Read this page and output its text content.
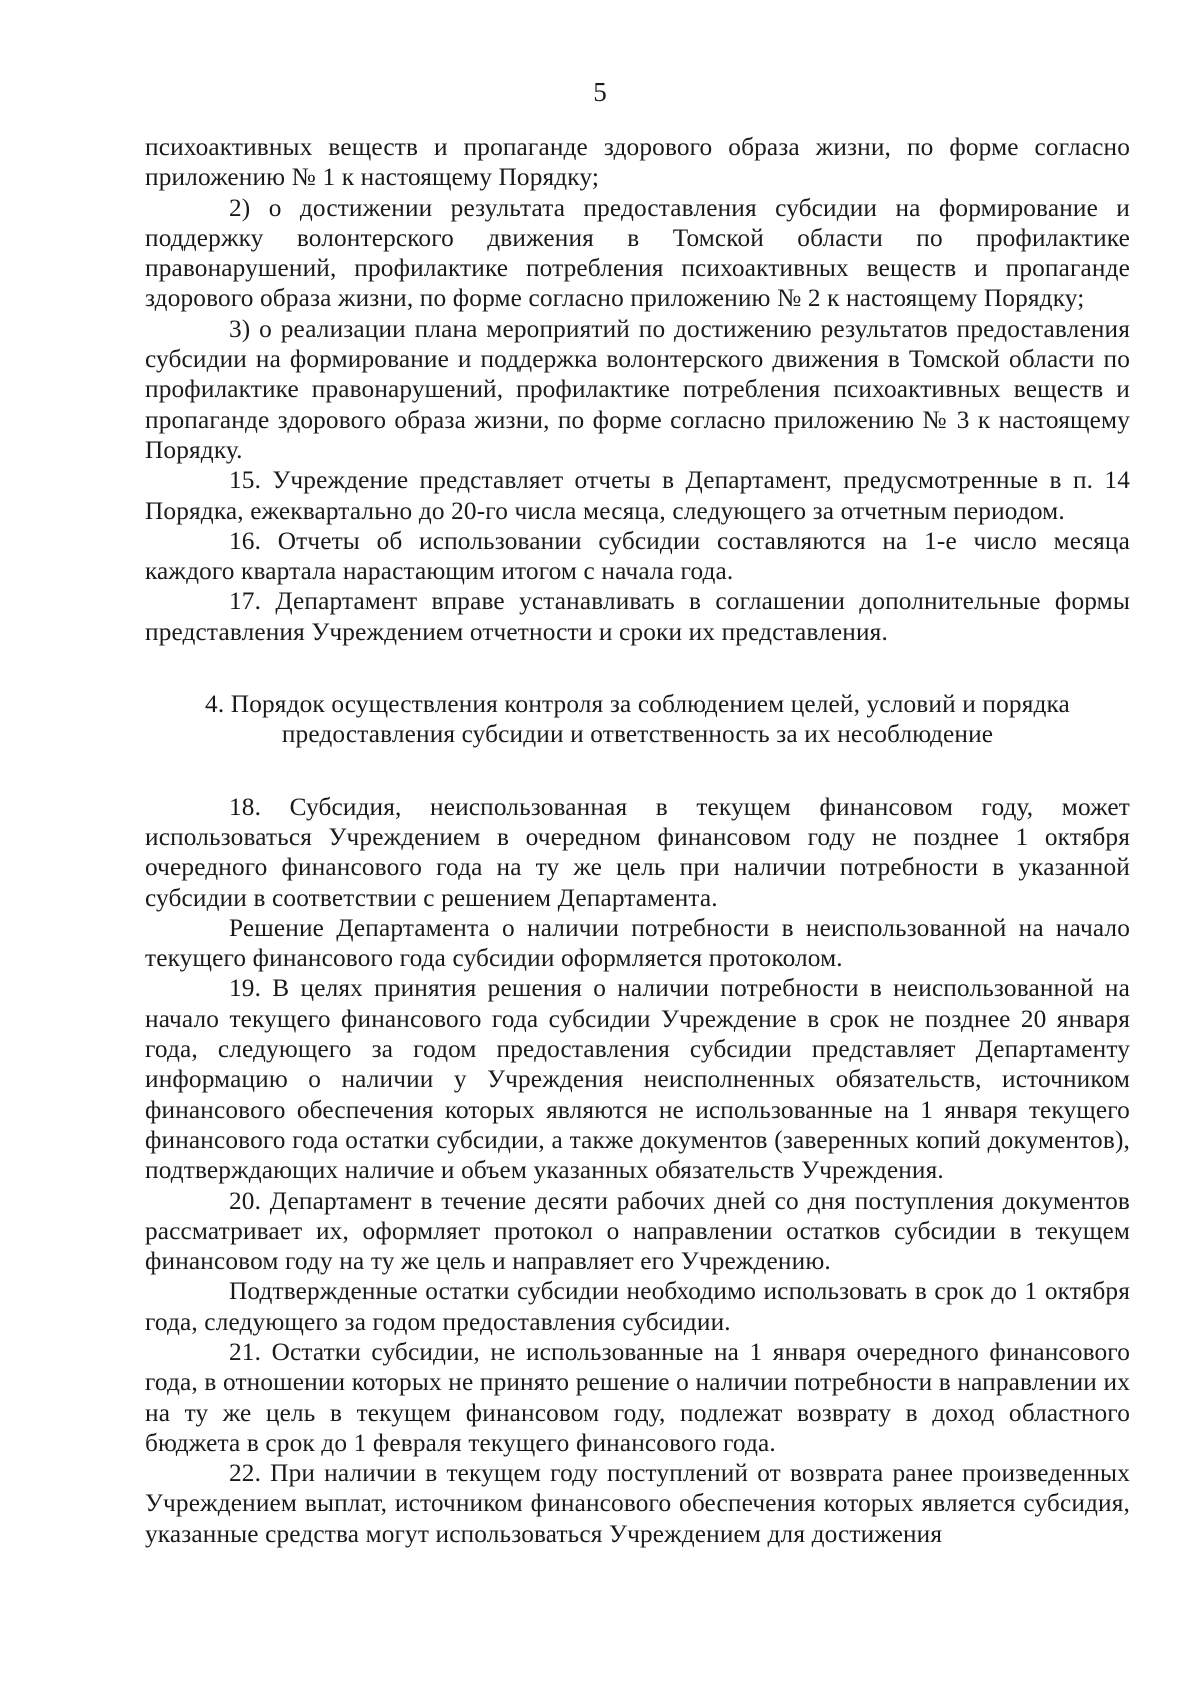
5

психоактивных веществ и пропаганде здорового образа жизни, по форме согласно приложению № 1 к настоящему Порядку;

2) о достижении результата предоставления субсидии на формирование и поддержку волонтерского движения в Томской области по профилактике правонарушений, профилактике потребления психоактивных веществ и пропаганде здорового образа жизни, по форме согласно приложению № 2 к настоящему Порядку;

3) о реализации плана мероприятий по достижению результатов предоставления субсидии на формирование и поддержка волонтерского движения в Томской области по профилактике правонарушений, профилактике потребления психоактивных веществ и пропаганде здорового образа жизни, по форме согласно приложению № 3 к настоящему Порядку.

15. Учреждение представляет отчеты в Департамент, предусмотренные в п. 14 Порядка, ежеквартально до 20-го числа месяца, следующего за отчетным периодом.

16. Отчеты об использовании субсидии составляются на 1-е число месяца каждого квартала нарастающим итогом с начала года.

17. Департамент вправе устанавливать в соглашении дополнительные формы представления Учреждением отчетности и сроки их представления.

4. Порядок осуществления контроля за соблюдением целей, условий и порядка предоставления субсидии и ответственность за их несоблюдение

18. Субсидия, неиспользованная в текущем финансовом году, может использоваться Учреждением в очередном финансовом году не позднее 1 октября очередного финансового года на ту же цель при наличии потребности в указанной субсидии в соответствии с решением Департамента.

Решение Департамента о наличии потребности в неиспользованной на начало текущего финансового года субсидии оформляется протоколом.

19. В целях принятия решения о наличии потребности в неиспользованной на начало текущего финансового года субсидии Учреждение в срок не позднее 20 января года, следующего за годом предоставления субсидии представляет Департаменту информацию о наличии у Учреждения неисполненных обязательств, источником финансового обеспечения которых являются не использованные на 1 января текущего финансового года остатки субсидии, а также документов (заверенных копий документов), подтверждающих наличие и объем указанных обязательств Учреждения.

20. Департамент в течение десяти рабочих дней со дня поступления документов рассматривает их, оформляет протокол о направлении остатков субсидии в текущем финансовом году на ту же цель и направляет его Учреждению.

Подтвержденные остатки субсидии необходимо использовать в срок до 1 октября года, следующего за годом предоставления субсидии.

21. Остатки субсидии, не использованные на 1 января очередного финансового года, в отношении которых не принято решение о наличии потребности в направлении их на ту же цель в текущем финансовом году, подлежат возврату в доход областного бюджета в срок до 1 февраля текущего финансового года.

22. При наличии в текущем году поступлений от возврата ранее произведенных Учреждением выплат, источником финансового обеспечения которых является субсидия, указанные средства могут использоваться Учреждением для достижения
